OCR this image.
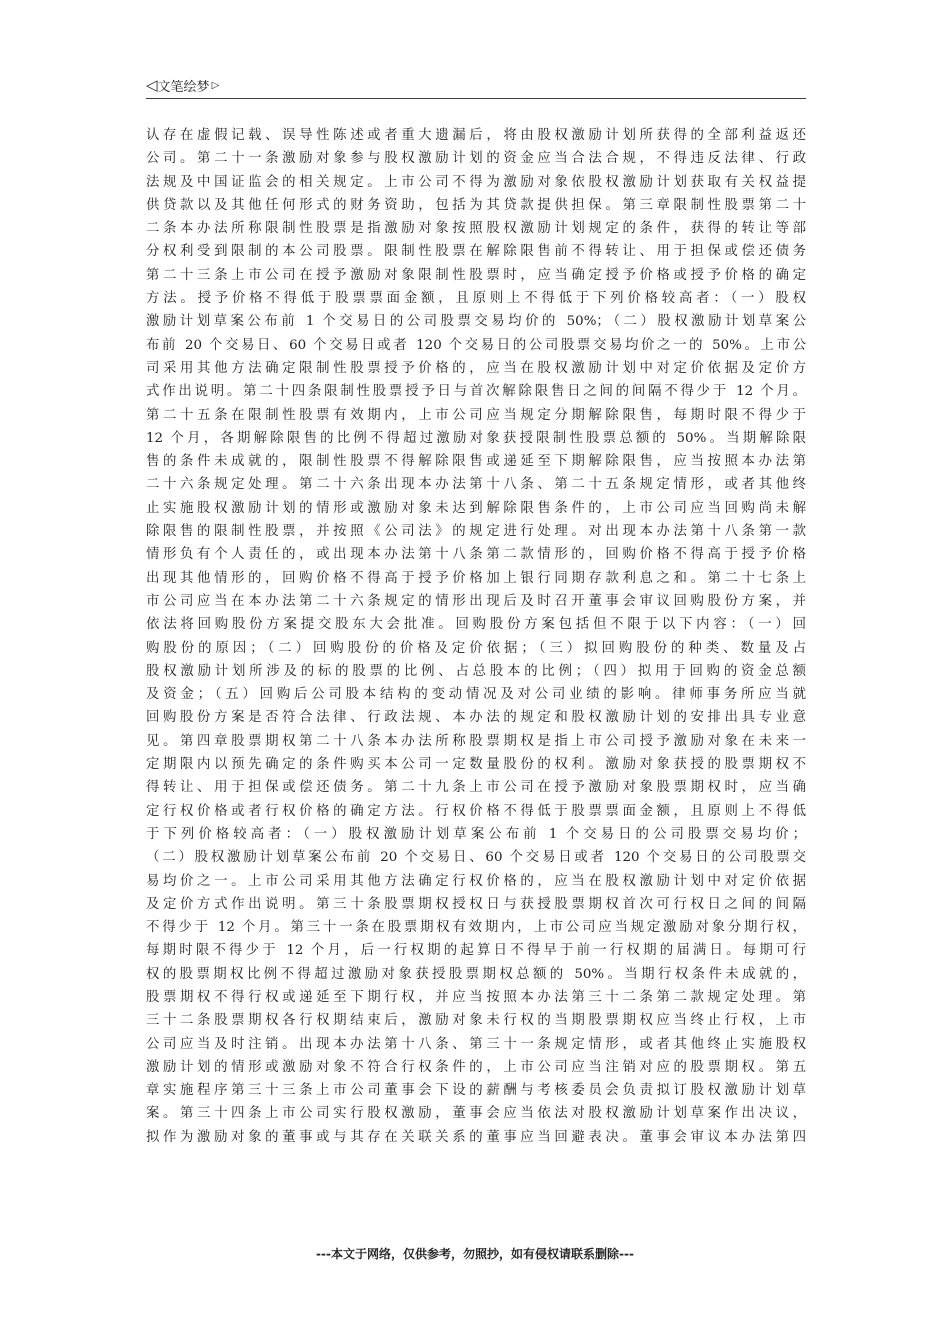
◁ 文笔绘梦 ▷
认存在虚假记载、误导性陈述或者重大遗漏后，将由股权激励计划所获得的全部利益返还
公司。第二十一条激励对象参与股权激励计划的资金应当合法合规，不得违反法律、行政
法规及中国证监会的相关规定。上市公司不得为激励对象依股权激励计划获取有关权益提
供贷款以及其他任何形式的财务资助，包括为其贷款提供担保。第三章限制性股票第二十
二条本办法所称限制性股票是指激励对象按照股权激励计划规定的条件，获得的转让等部
分权利受到限制的本公司股票。限制性股票在解除限售前不得转让、用于担保或偿还债务
第二十三条上市公司在授予激励对象限制性股票时，应当确定授予价格或授予价格的确定
方法。授予价格不得低于股票票面金额，且原则上不得低于下列价格较高者：（一）股权
激励计划草案公布前 1 个交易日的公司股票交易均价的 50%；（二）股权激励计划草案公
布前 20 个交易日、60 个交易日或者 120 个交易日的公司股票交易均价之一的 50%。上市公
司采用其他方法确定限制性股票授予价格的，应当在股权激励计划中对定价依据及定价方
式作出说明。第二十四条限制性股票授予日与首次解除限售日之间的间隔不得少于 12 个月。
第二十五条在限制性股票有效期内，上市公司应当规定分期解除限售，每期时限不得少于
12 个月，各期解除限售的比例不得超过激励对象获授限制性股票总额的 50%。当期解除限
售的条件未成就的，限制性股票不得解除限售或递延至下期解除限售，应当按照本办法第
二十六条规定处理。第二十六条出现本办法第十八条、第二十五条规定情形，或者其他终
止实施股权激励计划的情形或激励对象未达到解除限售条件的，上市公司应当回购尚未解
除限售的限制性股票，并按照《公司法》的规定进行处理。对出现本办法第十八条第一款
情形负有个人责任的，或出现本办法第十八条第二款情形的，回购价格不得高于授予价格
出现其他情形的，回购价格不得高于授予价格加上银行同期存款利息之和。第二十七条上
市公司应当在本办法第二十六条规定的情形出现后及时召开董事会审议回购股份方案，并
依法将回购股份方案提交股东大会批准。回购股份方案包括但不限于以下内容：（一）回
购股份的原因；（二）回购股份的价格及定价依据；（三）拟回购股份的种类、数量及占
股权激励计划所涉及的标的股票的比例、占总股本的比例；（四）拟用于回购的资金总额
及资金；（五）回购后公司股本结构的变动情况及对公司业绩的影响。律师事务所应当就
回购股份方案是否符合法律、行政法规、本办法的规定和股权激励计划的安排出具专业意
见。第四章股票期权第二十八条本办法所称股票期权是指上市公司授予激励对象在未来一
定期限内以预先确定的条件购买本公司一定数量股份的权利。激励对象获授的股票期权不
得转让、用于担保或偿还债务。第二十九条上市公司在授予激励对象股票期权时，应当确
定行权价格或者行权价格的确定方法。行权价格不得低于股票票面金额，且原则上不得低
于下列价格较高者：（一）股权激励计划草案公布前 1 个交易日的公司股票交易均价；
（二）股权激励计划草案公布前 20 个交易日、60 个交易日或者 120 个交易日的公司股票交
易均价之一。上市公司采用其他方法确定行权价格的，应当在股权激励计划中对定价依据
及定价方式作出说明。第三十条股票期权授权日与获授股票期权首次可行权日之间的间隔
不得少于 12 个月。第三十一条在股票期权有效期内，上市公司应当规定激励对象分期行权，
每期时限不得少于 12 个月，后一行权期的起算日不得早于前一行权期的届满日。每期可行
权的股票期权比例不得超过激励对象获授股票期权总额的 50%。当期行权条件未成就的，
股票期权不得行权或递延至下期行权，并应当按照本办法第三十二条第二款规定处理。第
三十二条股票期权各行权期结束后，激励对象未行权的当期股票期权应当终止行权，上市
公司应当及时注销。出现本办法第十八条、第三十一条规定情形，或者其他终止实施股权
激励计划的情形或激励对象不符合行权条件的，上市公司应当注销对应的股票期权。第五
章实施程序第三十三条上市公司董事会下设的薪酬与考核委员会负责拟订股权激励计划草
案。第三十四条上市公司实行股权激励，董事会应当依法对股权激励计划草案作出决议，
拟作为激励对象的董事或与其存在关联关系的董事应当回避表决。董事会审议本办法第四
---本文于网络，仅供参考，勿照抄，如有侵权请联系删除---
